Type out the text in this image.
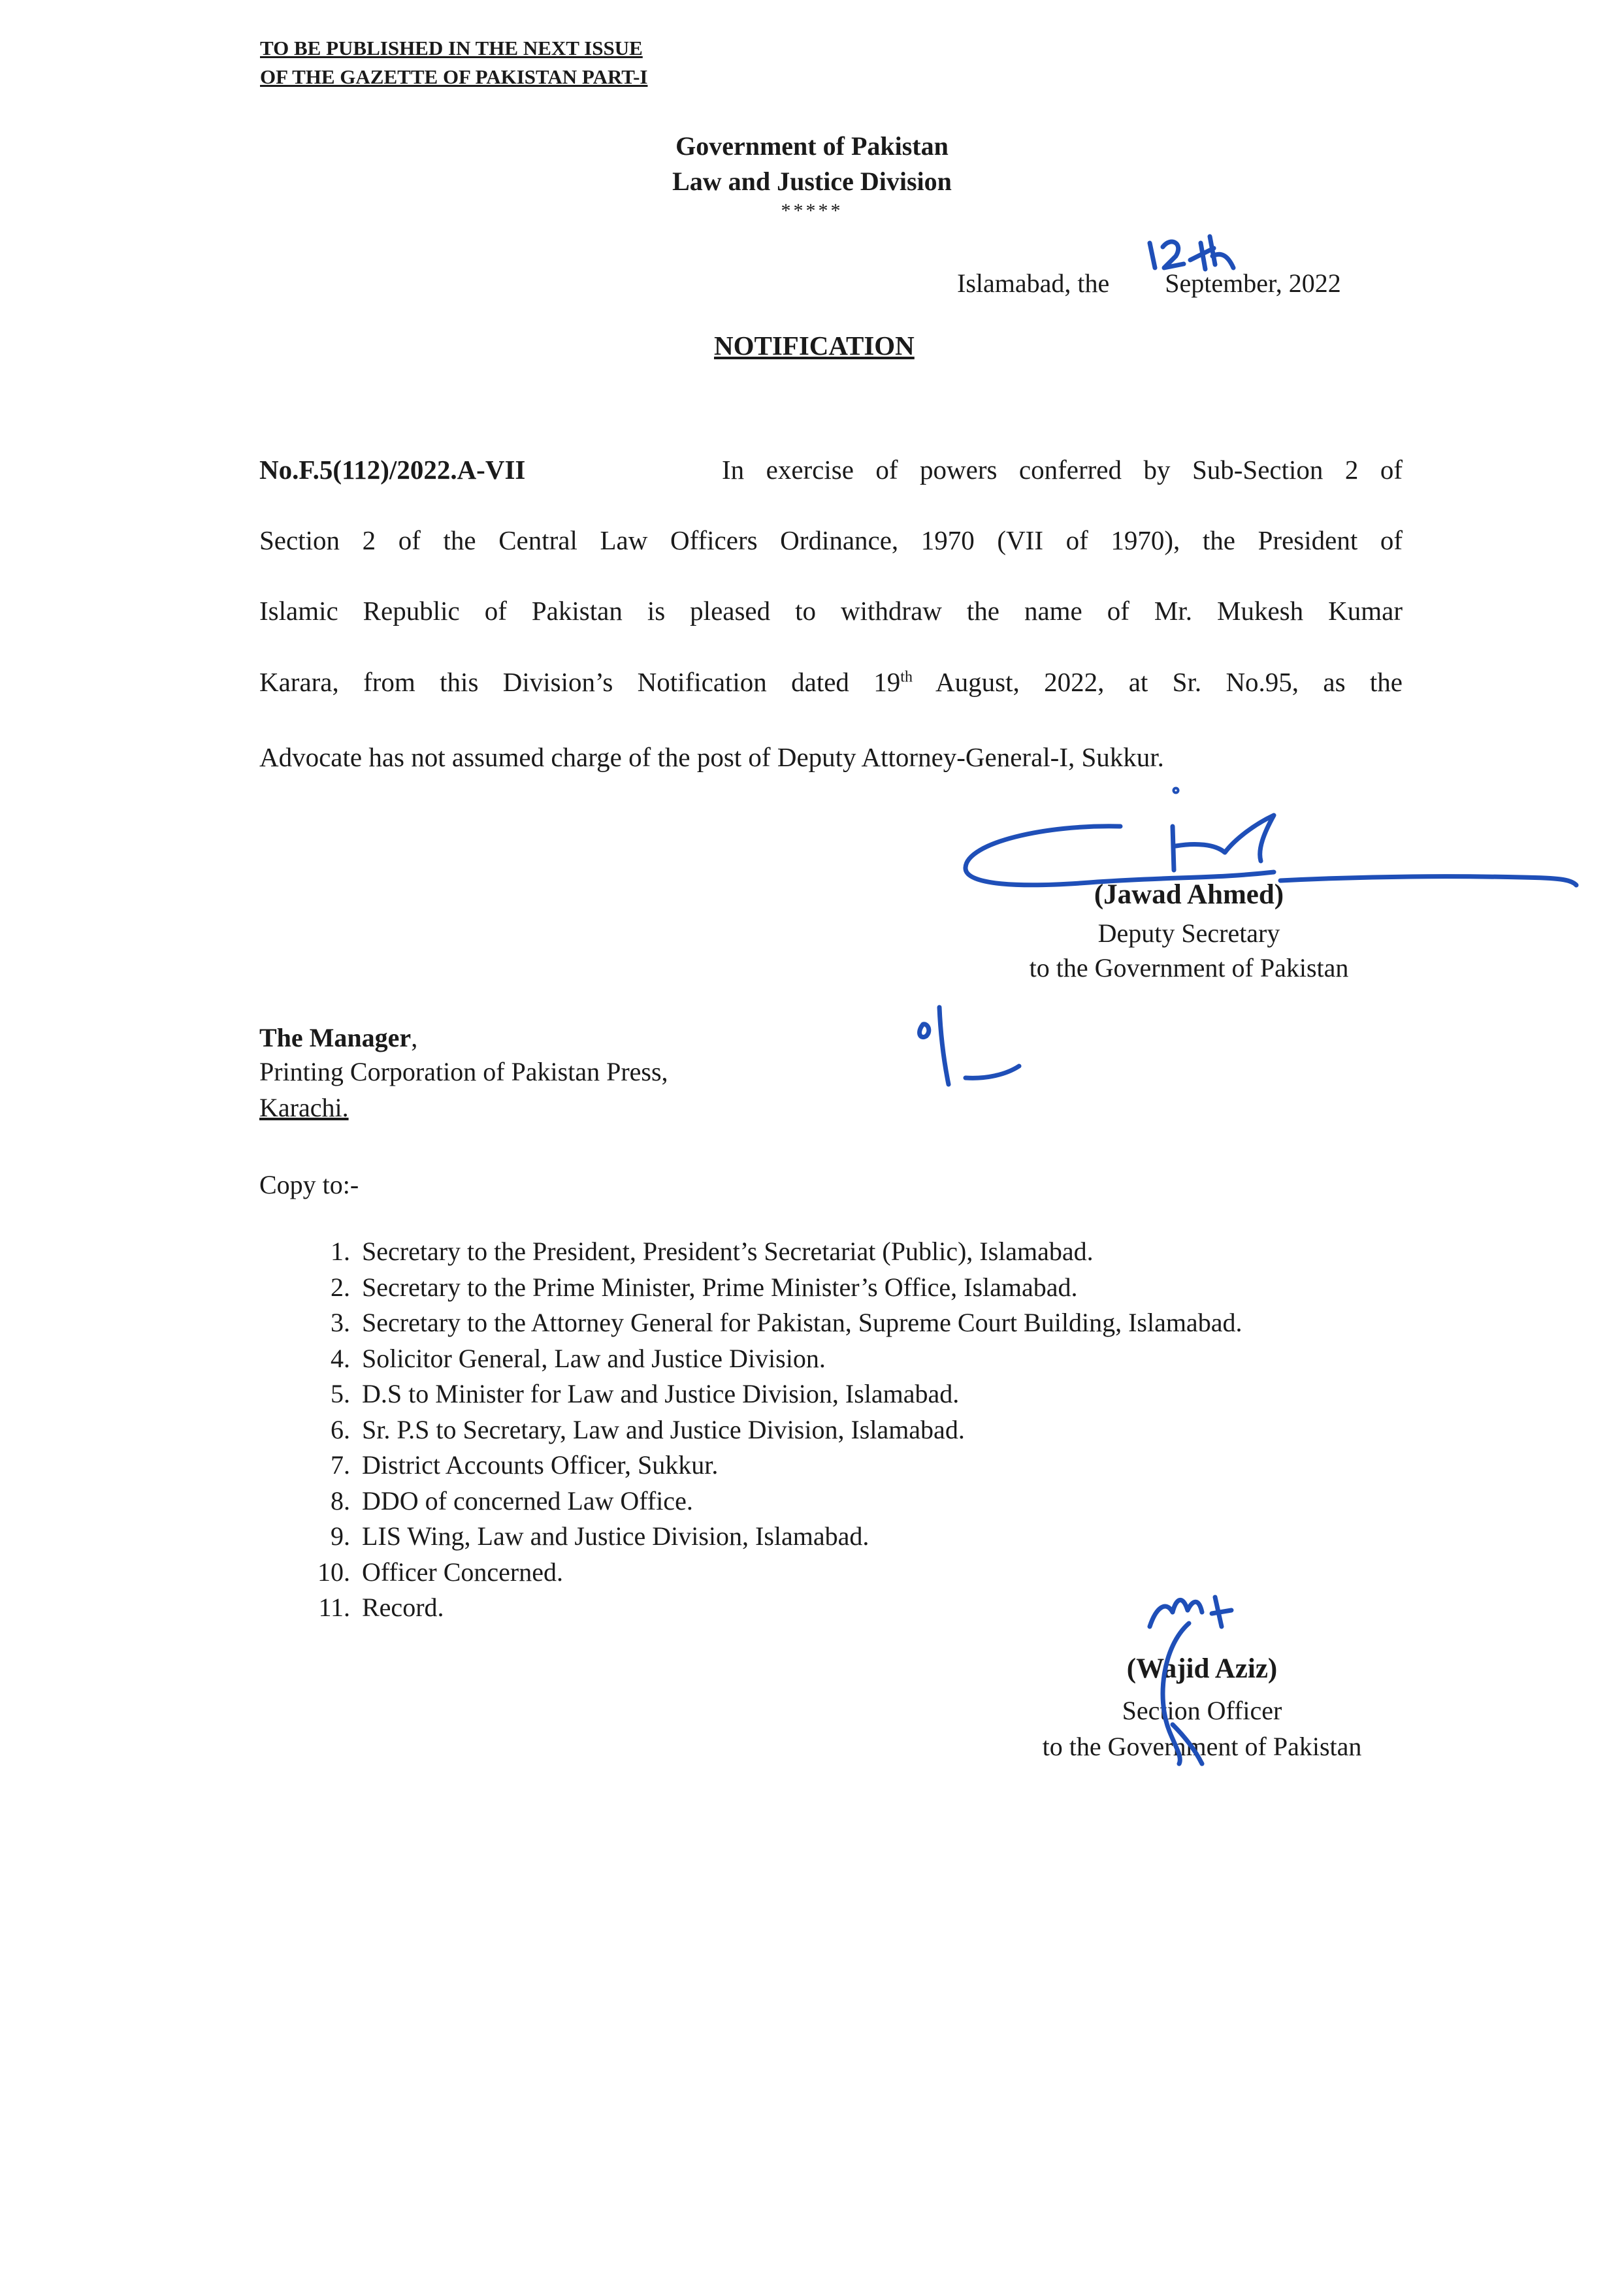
TO BE PUBLISHED IN THE NEXT ISSUE
OF THE GAZETTE OF PAKISTAN PART-I
Government of Pakistan
Law and Justice Division
*****
Islamabad, the September, 2022
NOTIFICATION
No.F.5(112)/2022.A-VII	In exercise of powers conferred by Sub-Section 2 of
Section 2 of the Central Law Officers Ordinance, 1970 (VII of 1970), the President of
Islamic Republic of Pakistan is pleased to withdraw the name of Mr. Mukesh Kumar
Karara, from this Division’s Notification dated 19th August, 2022, at Sr. No.95, as the
Advocate has not assumed charge of the post of Deputy Attorney-General-I, Sukkur.
(Jawad Ahmed)
Deputy Secretary
to the Government of Pakistan
The Manager,
Printing Corporation of Pakistan Press,
Karachi.
Copy to:-
1. Secretary to the President, President’s Secretariat (Public), Islamabad.
2. Secretary to the Prime Minister, Prime Minister’s Office, Islamabad.
3. Secretary to the Attorney General for Pakistan, Supreme Court Building, Islamabad.
4. Solicitor General, Law and Justice Division.
5. D.S to Minister for Law and Justice Division, Islamabad.
6. Sr. P.S to Secretary, Law and Justice Division, Islamabad.
7. District Accounts Officer, Sukkur.
8. DDO of concerned Law Office.
9. LIS Wing, Law and Justice Division, Islamabad.
10. Officer Concerned.
11. Record.
(Wajid Aziz)
Section Officer
to the Government of Pakistan
